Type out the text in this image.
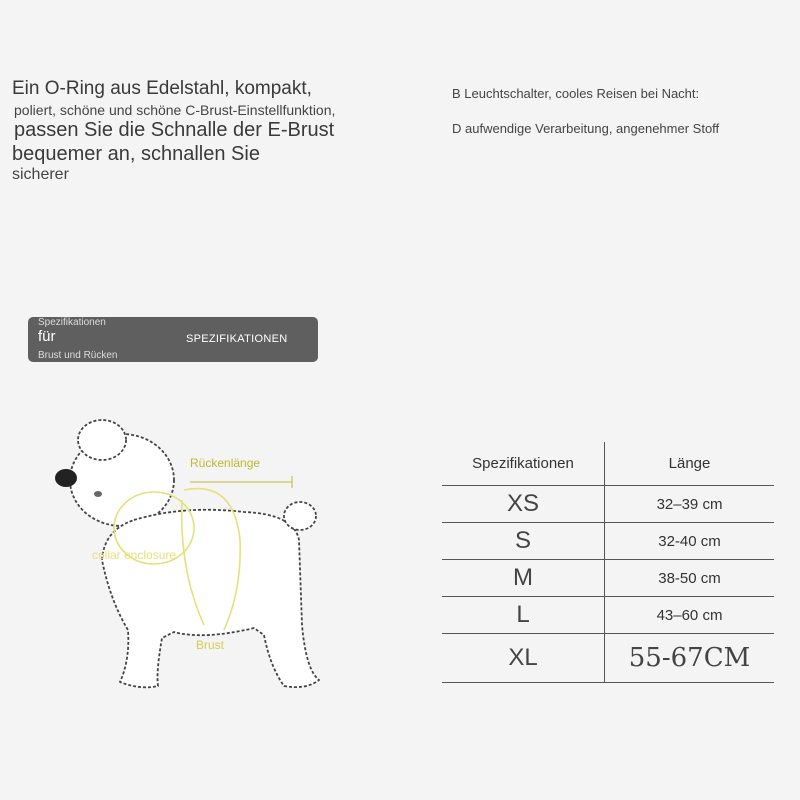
Ein O-Ring aus Edelstahl, kompakt,
poliert, schöne und schöne C-Brust-Einstellfunktion,
passen Sie die Schnalle der E-Brust
bequemer an, schnallen Sie
sicherer
B Leuchtschalter, cooles Reisen bei Nacht:
D aufwendige Verarbeitung, angenehmer Stoff
Spezifikationen
für
Brust und Rücken
SPEZIFIKATIONEN
Rückenlänge
collar enclosure
Brust
Spezifikationen	Länge
XS	32–39 cm
S	32-40 cm
M	38-50 cm
L	43–60 cm
XL	55-67CM
